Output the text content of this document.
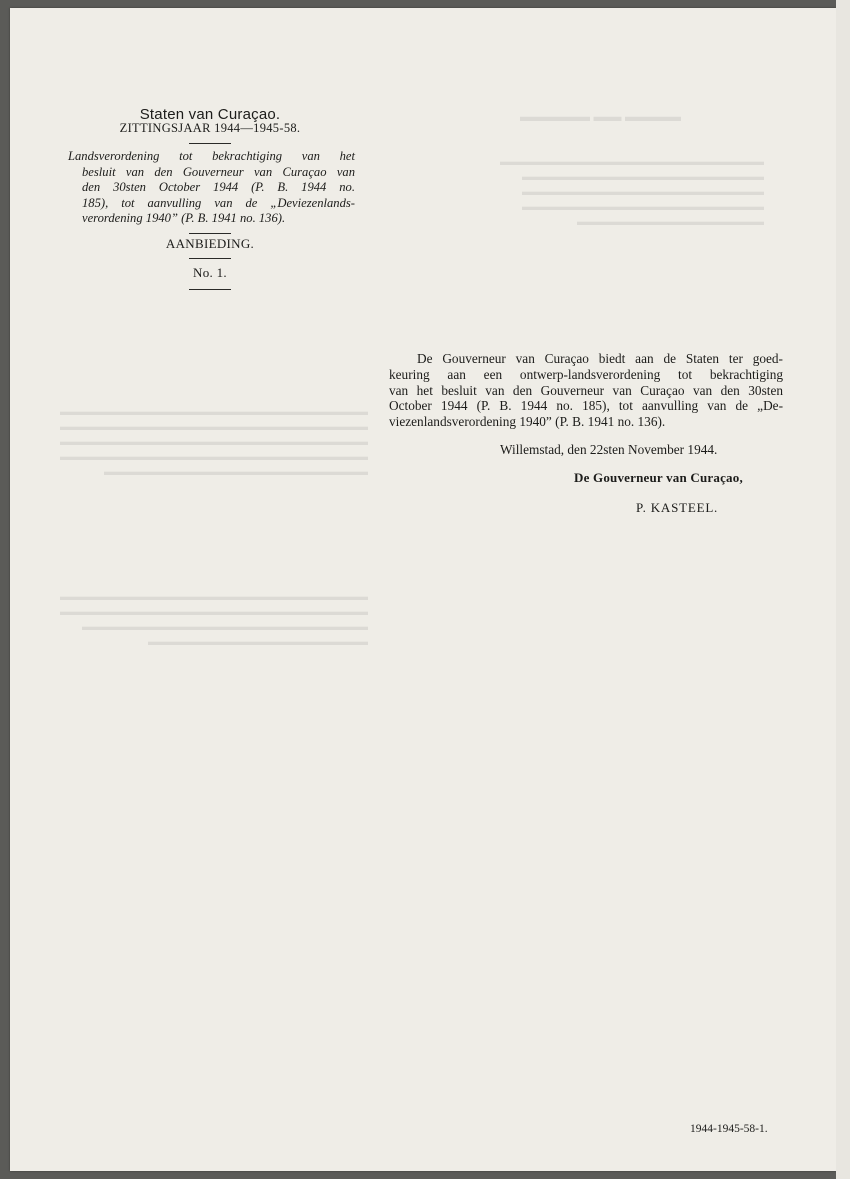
▬▬▬▬ ▬▬ ▬▬▬▬▬
▬▬▬▬▬▬▬▬▬▬▬▬▬▬▬▬▬▬▬▬▬▬▬▬
▬▬▬▬▬▬▬▬▬▬▬▬▬▬▬▬▬▬▬▬▬▬
▬▬▬▬▬▬▬▬▬▬▬▬▬▬▬▬▬▬▬▬▬▬
▬▬▬▬▬▬▬▬▬▬▬▬▬▬▬▬▬▬▬▬▬▬
▬▬▬▬▬▬▬▬▬▬▬▬▬▬▬▬▬
▬▬▬▬▬▬▬▬▬▬▬▬▬▬▬▬▬▬▬▬▬▬▬▬▬▬▬▬
▬▬▬▬▬▬▬▬▬▬▬▬▬▬▬▬▬▬▬▬▬▬▬▬▬▬▬▬
▬▬▬▬▬▬▬▬▬▬▬▬▬▬▬▬▬▬▬▬▬▬▬▬▬▬▬▬
▬▬▬▬▬▬▬▬▬▬▬▬▬▬▬▬▬▬▬▬▬▬▬▬▬▬▬▬
▬▬▬▬▬▬▬▬▬▬▬▬▬▬▬▬▬▬▬▬▬▬▬▬
▬▬▬▬▬▬▬▬▬▬▬▬▬▬▬▬▬▬▬▬▬▬▬▬▬▬▬▬
▬▬▬▬▬▬▬▬▬▬▬▬▬▬▬▬▬▬▬▬▬▬▬▬▬▬▬▬
▬▬▬▬▬▬▬▬▬▬▬▬▬▬▬▬▬▬▬▬▬▬▬▬▬▬
▬▬▬▬▬▬▬▬▬▬▬▬▬▬▬▬▬▬▬▬
Staten van Curaçao.
ZITTINGSJAAR 1944—1945-58.
Landsverordening tot bekrachtiging van het
besluit van den Gouverneur van Curaçao van
den 30sten October 1944 (P. B. 1944 no.
185), tot aanvulling van de „Deviezenlands-
verordening 1940” (P. B. 1941 no. 136).
AANBIEDING.
No. 1.
De Gouverneur van Curaçao biedt aan de Staten ter goed-
keuring aan een ontwerp-landsverordening tot bekrachtiging
van het besluit van den Gouverneur van Curaçao van den 30sten
October 1944 (P. B. 1944 no. 185), tot aanvulling van de „De-
viezenlandsverordening 1940” (P. B. 1941 no. 136).
Willemstad, den 22sten November 1944.
De Gouverneur van Curaçao,
P. KASTEEL.
1944-1945-58-1.
